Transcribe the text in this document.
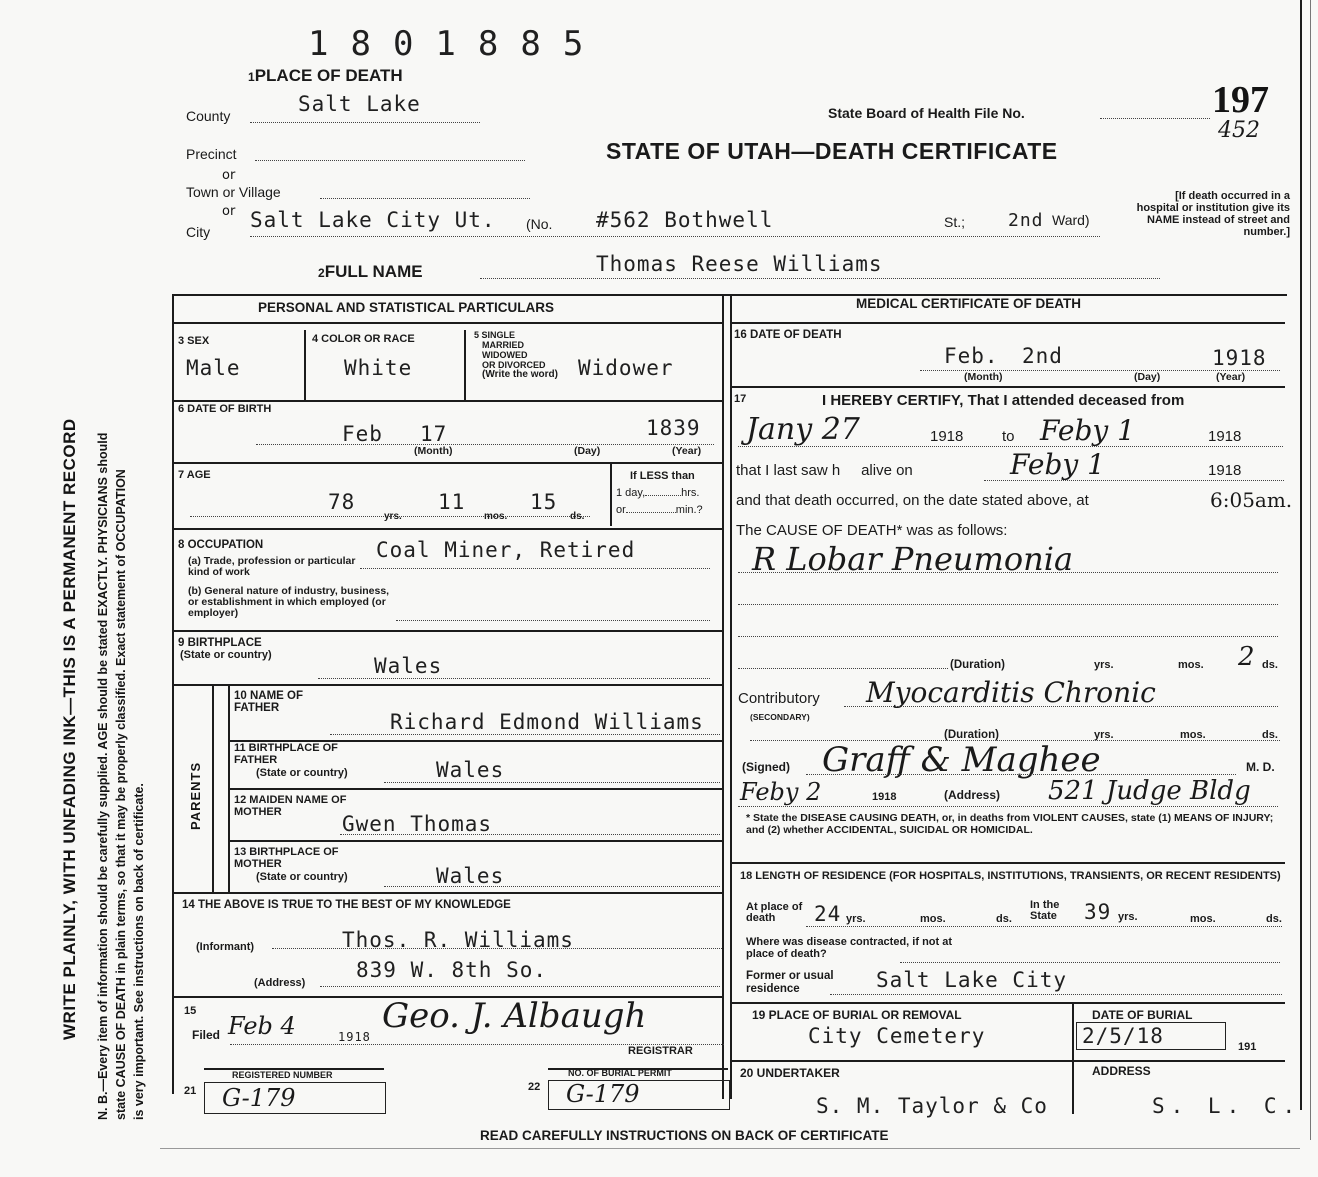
WRITE PLAINLY, WITH UNFADING INK—THIS IS A PERMANENT RECORD N. B.—Every item of information should be carefully supplied. AGE should be stated EXACTLY. PHYSICIANS should state CAUSE OF DEATH in plain terms, so that it may be properly classified. Exact statement of OCCUPATION is very important. See instructions on back of certificate.
1801885
1PLACE OF DEATH
197
452
State Board of Health File No.
STATE OF UTAH—DEATH CERTIFICATE
[If death occurred in a hospital or institution give its NAME instead of street and number.]
County	Salt Lake
Precinct
or
Town or Village
or
City Salt Lake City Ut. (No. #562 Bothwell	St.; 2nd Ward)
2FULL NAME	Thomas Reese Williams
PERSONAL AND STATISTICAL PARTICULARS	MEDICAL CERTIFICATE OF DEATH
3 SEX
Male
4 COLOR OR RACE
White
5 SINGLE
MARRIED
WIDOWED
OR DIVORCED
(Write the word) Widower
6 DATE OF BIRTH
Feb 17	1839
(Month)	(Day)	(Year)
7 AGE
78	11	15
yrs.	mos.	ds.
If LESS than
1 day,	hrs.
or	min.?
8 OCCUPATION
(a) Trade, profession or particular kind of work
Coal Miner, Retired
(b) General nature of industry, business, or establishment in which employed (or employer)
9 BIRTHPLACE
(State or country)	Wales
PARENTS
10 NAME OF FATHER
Richard Edmond Williams
11 BIRTHPLACE OF FATHER
(State or country)	Wales
12 MAIDEN NAME OF MOTHER	Gwen Thomas
13 BIRTHPLACE OF MOTHER
(State or country)	Wales
14 THE ABOVE IS TRUE TO THE BEST OF MY KNOWLEDGE
(Informant)	Thos. R. Williams
(Address)
839 W. 8th So.
15
Filed Feb 4	1918
Geo. J. Albaugh
REGISTRAR
REGISTERED NUMBER
21 G-179
NO. OF BURIAL PERMIT
22 G-179
16 DATE OF DEATH
Feb. 2nd	1918
(Month)	(Day)	(Year)
17	I HEREBY CERTIFY, That I attended deceased from
Jany 27	1918	to Feby 1	1918
that I last saw h alive on	Feby 1	1918
and that death occurred, on the date stated above, at	6:05am.
The CAUSE OF DEATH* was as follows:
R Lobar Pneumonia
(Duration)	yrs.	mos. 2 ds.
Contributory Myocarditis Chronic
(SECONDARY)
(Duration)	yrs.	mos.	ds.
(Signed) Graff & Maghee	M. D.
Feby 2	1918	(Address) 521 Judge Bldg
* State the DISEASE CAUSING DEATH, or, in deaths from VIOLENT CAUSES, state (1) MEANS OF INJURY; and (2) whether ACCIDENTAL, SUICIDAL OR HOMICIDAL.
18 LENGTH OF RESIDENCE (FOR HOSPITALS, INSTITUTIONS, TRANSIENTS, OR RECENT RESIDENTS)
At place of death	24 yrs.	mos.	ds.
In the State	39 yrs.	mos.	ds.
Where was disease contracted, if not at place of death?
Former or usual residence	Salt Lake City
19 PLACE OF BURIAL OR REMOVAL
City Cemetery
DATE OF BURIAL
2/5/18	191
20 UNDERTAKER
S. M. Taylor & Co
ADDRESS
S. L. C.
READ CAREFULLY INSTRUCTIONS ON BACK OF CERTIFICATE
